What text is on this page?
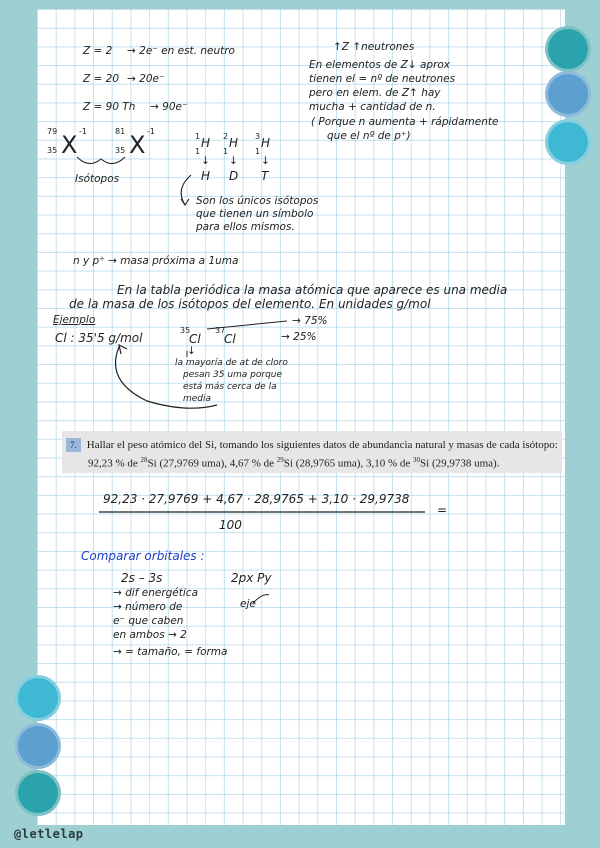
Z = 2 → 2e⁻ en est. neutro
Z = 20 → 20e⁻
Z = 90 Th → 90e⁻
↑Z ↑neutrones
En elementos de Z↓ aprox
tienen el = nº de neutrones
pero en elem. de Z↑ hay
mucha + cantidad de n.
( Porque n aumenta + rápidamente
que el nº de p⁺)
79
35 X -1	81
35 X -1
Isótopos
1
1
H 2
1
H 3
1
H
↓ ↓ ↓
H D T
Son los únicos isótopos
que tienen un símbolo
para ellos mismos.
n y p⁺ → masa próxima a 1uma
En la tabla periódica la masa atómica que aparece es una media
de la masa de los isótopos del elemento. En unidades g/mol
Ejemplo
Cl : 35'5 g/mol
35
Cl
37
Cl
→ 75%
→ 25%
↓
la mayoría de at de cloro
pesan 35 uma porque
está más cerca de la
media
7. Hallar el peso atómico del Si, tomando los siguientes datos de abundancia natural y masas de cada isótopo:
92,23 % de $^{28}$Si (27,9769 uma), 4,67 % de $^{29}$Si (28,9765 uma), 3,10 % de $^{30}$Si (29,9738 uma).
92,23 · 27,9769 + 4,67 · 28,9765 + 3,10 · 29,9738
100
=
Comparar orbitales :
2s – 3s
→ dif energética
→ número de
e⁻ que caben
en ambos → 2
→ = tamaño, = forma
2px Py
eje
@letlelap
